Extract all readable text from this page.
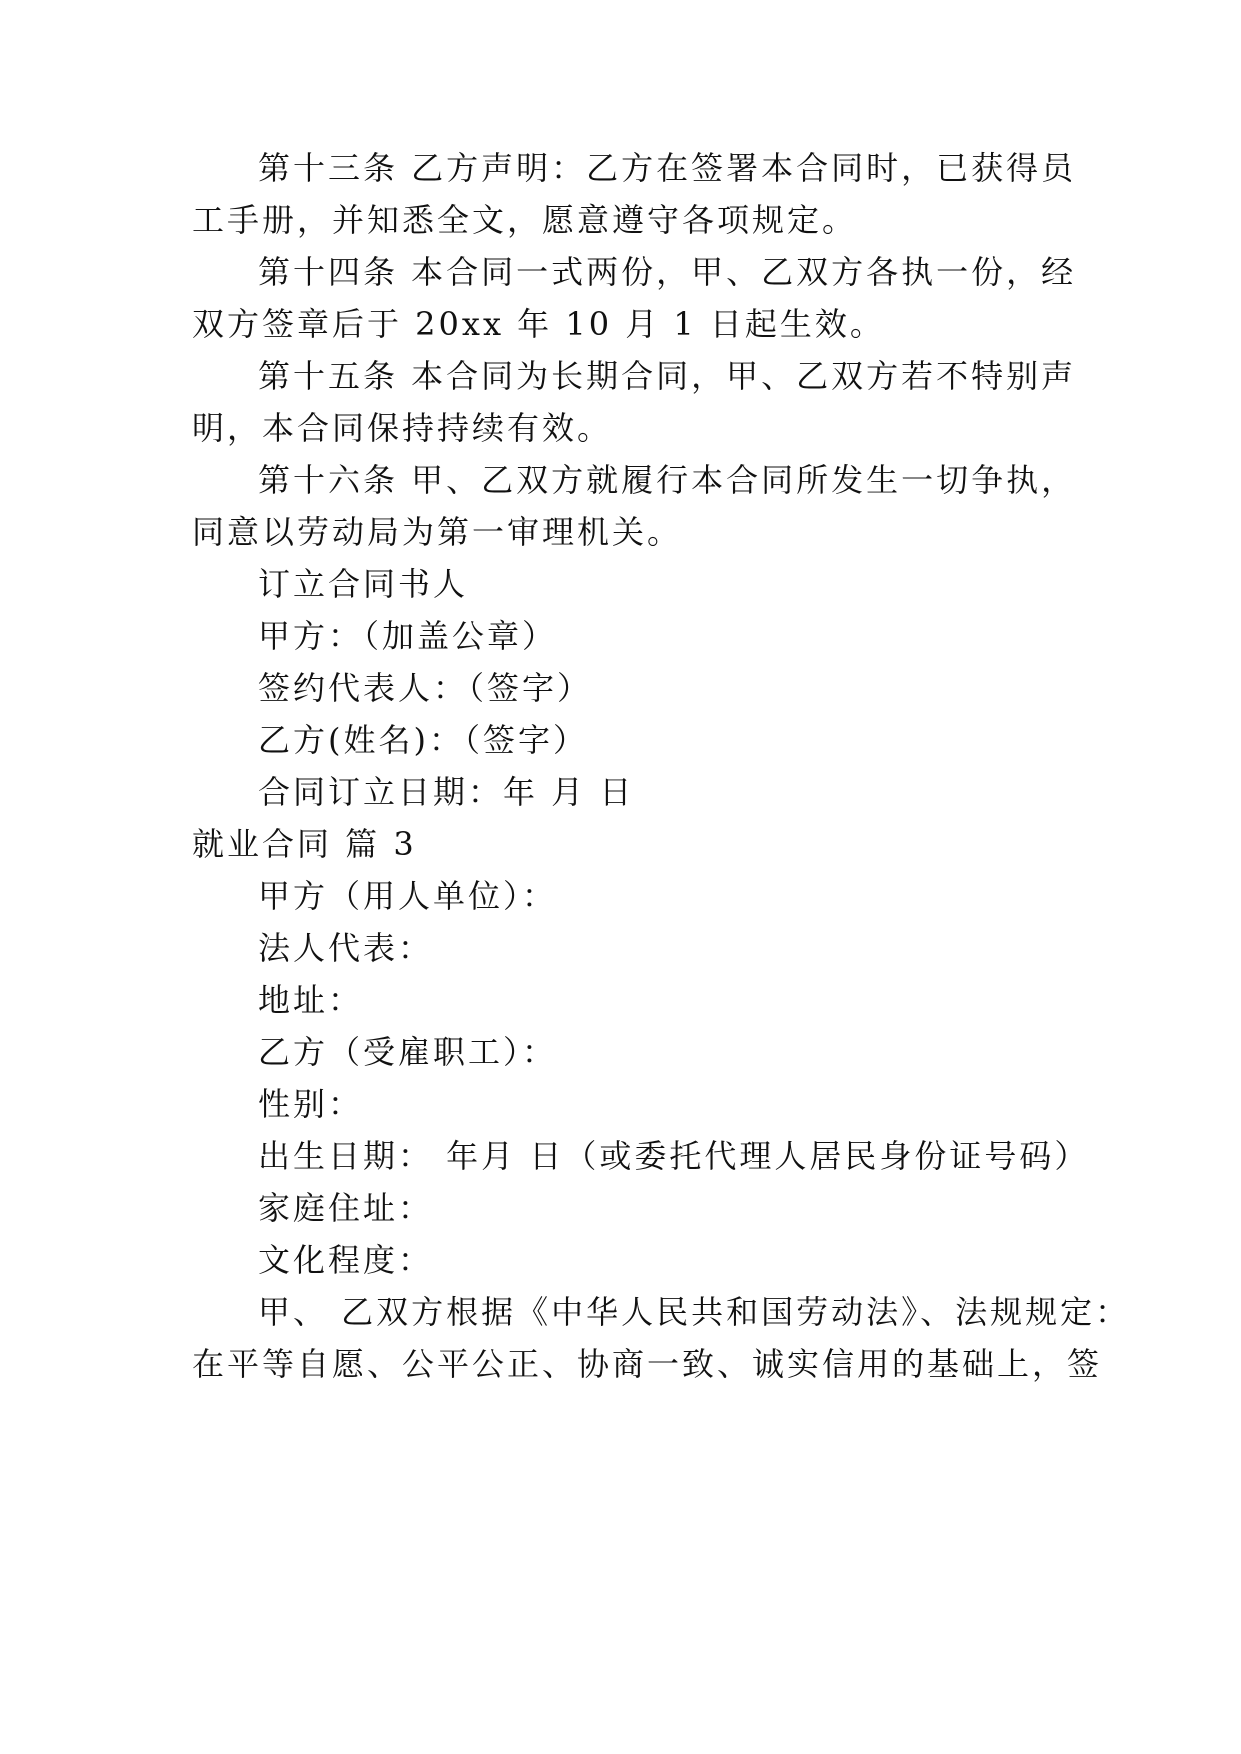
第十三条 乙方声明：乙方在签署本合同时，已获得员
工手册，并知悉全文，愿意遵守各项规定。
第十四条 本合同一式两份，甲、乙双方各执一份，经
双方签章后于 20xx 年 10 月 1 日起生效。
第十五条 本合同为长期合同，甲、乙双方若不特别声
明，本合同保持持续有效。
第十六条 甲、乙双方就履行本合同所发生一切争执，
同意以劳动局为第一审理机关。
订立合同书人
甲方：（加盖公章）
签约代表人：（签字）
乙方(姓名)：（签字）
合同订立日期：年 月 日
就业合同 篇 3
甲方（用人单位）：
法人代表：
地址：
乙方（受雇职工）：
性别：
出生日期： 年月 日（或委托代理人居民身份证号码）
家庭住址：
文化程度：
甲、 乙双方根据《中华人民共和国劳动法》、法规规定：
在平等自愿、公平公正、协商一致、诚实信用的基础上，签
